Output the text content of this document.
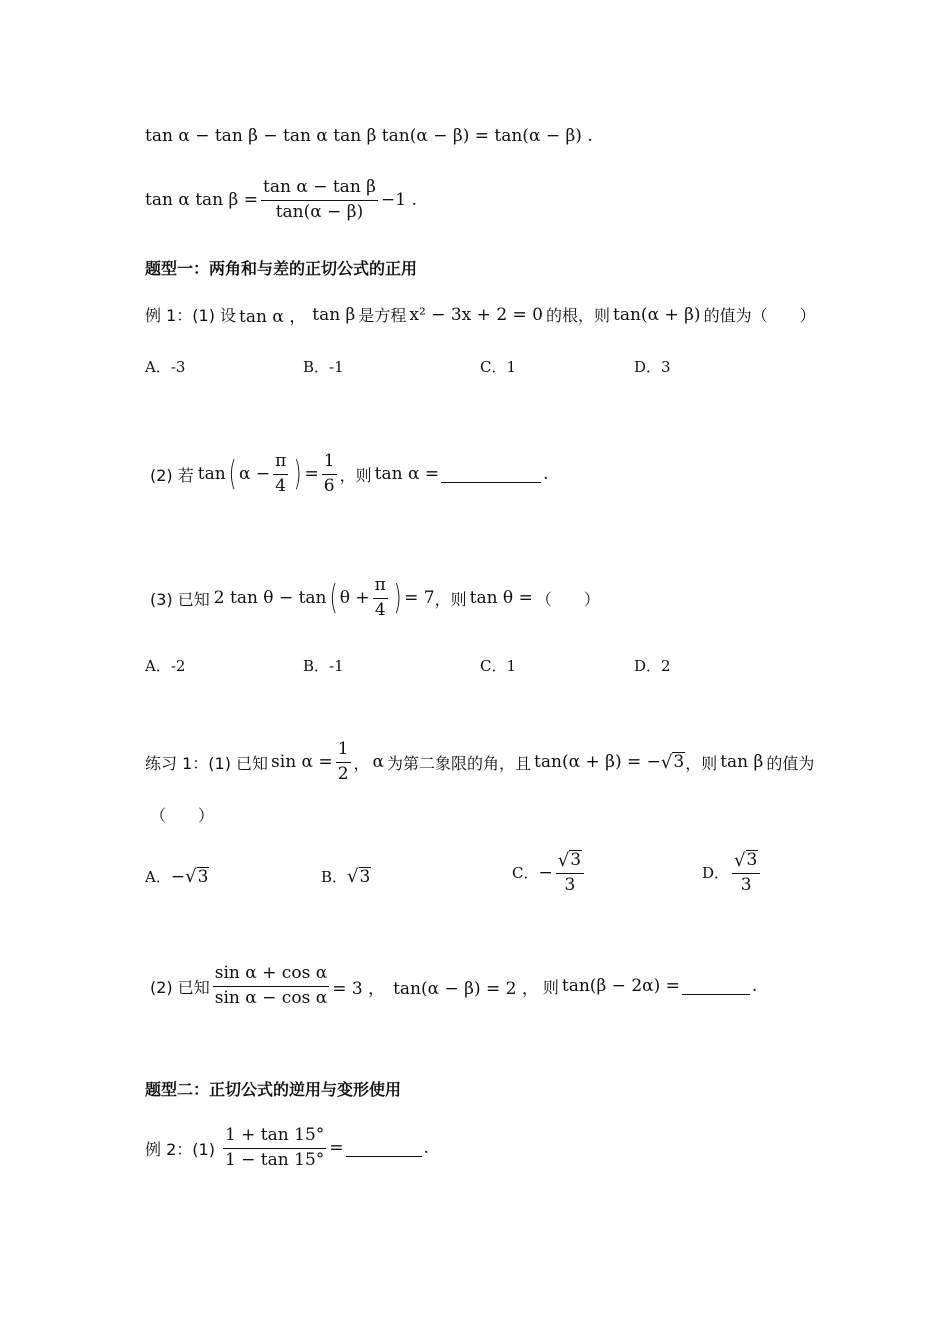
tan α − tan β − tan α tan β tan(α − β) = tan(α − β) .
tan α $\tan \beta = \frac{\text{tan α − tan β}}{\tan(\alpha - \beta)} -1$ .
题型一：两角和与差的正切公式的正用
例 1：(1) 设 tan α ， tan β 是方程 x² − 3x + 2 = 0 的根，则 tan(α + β) 的值为（　　）
A．-3	B．-1	C．1	D．3
(2) 若 tan ( $\alpha - \frac{\pi}{4}$ ) = $\frac{1}{6}$ ，则 tan α =	.
(3) 已知 2 tan θ − tan ( $\theta + \frac{\pi}{4}$ ) = 7 ，则 tan θ = （　　）
A．-2	B．-1	C．1	D．2
练习 1：(1) 已知 $\sin \alpha = \frac{1}{2}$ ， α 为第二象限的角，且 tan(α + β) = − √ 3 ，则 tan β 的值为
（　　）
A． − √ 3	B． √ 3	C． − $\frac{√ 3}{3}$	D． $\frac{√ 3}{3}$
(2) 已知 $\frac{\text{sin α + cos α}}{\text{sin α − cos α}} = 3$ ， tan(α − β) = 2 ， 则 tan(β − 2α) =	.
题型二：正切公式的逆用与变形使用
例 2：$(1) \frac{1 + \tan 15^\circ}{1 - \tan 15^\circ}$ =	.
